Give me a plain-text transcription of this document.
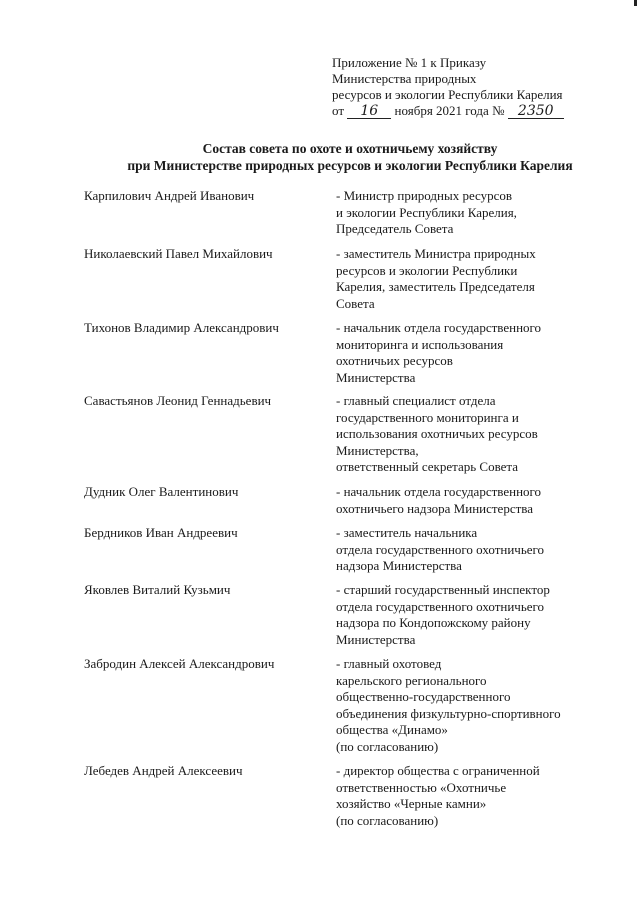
Приложение № 1 к Приказу
Министерства природных
ресурсов и экологии Республики Карелия
от 16 ноября 2021 года № 2350
Состав совета по охоте и охотничьему хозяйству
при Министерстве природных ресурсов и экологии Республики Карелия
Карпилович Андрей Иванович	- Министр природных ресурсов
и экологии Республики Карелия,
Председатель Совета
Николаевский Павел Михайлович	- заместитель Министра природных
ресурсов и экологии Республики
Карелия, заместитель Председателя
Совета
Тихонов Владимир Александрович	- начальник отдела государственного
мониторинга и использования
охотничьих ресурсов
Министерства
Савастьянов Леонид Геннадьевич	- главный специалист отдела
государственного мониторинга и
использования охотничьих ресурсов
Министерства,
ответственный секретарь Совета
Дудник Олег Валентинович	- начальник отдела государственного
охотничьего надзора Министерства
Бердников Иван Андреевич	- заместитель начальника
отдела государственного охотничьего
надзора Министерства
Яковлев Виталий Кузьмич	- старший государственный инспектор
отдела государственного охотничьего
надзора по Кондопожскому району
Министерства
Забродин Алексей Александрович	- главный охотовед
карельского регионального
общественно-государственного
объединения физкультурно-спортивного
общества «Динамо»
(по согласованию)
Лебедев Андрей Алексеевич	- директор общества с ограниченной
ответственностью «Охотничье
хозяйство «Черные камни»
(по согласованию)
